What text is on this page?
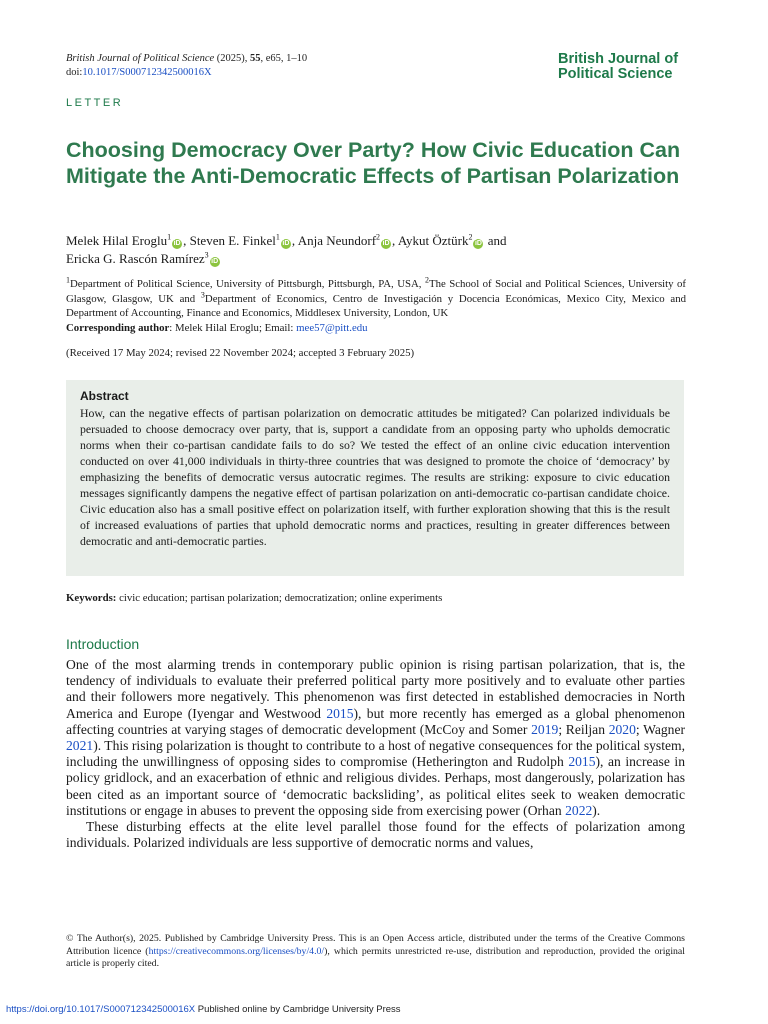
British Journal of Political Science (2025), 55, e65, 1–10
doi:10.1017/S000712342500016X
British Journal of
Political Science
LETTER
Choosing Democracy Over Party? How Civic Education Can Mitigate the Anti-Democratic Effects of Partisan Polarization
Melek Hilal Eroglu$^1$iD , Steven E. Finkel$^1$iD , Anja Neundorf$^2$iD , Aykut Öztürk$^2$iD and
Ericka G. Rascón Ramírez$^3$iD
$^1$Department of Political Science, University of Pittsburgh, Pittsburgh, PA, USA, $^2$The School of Social and Political Sciences, University of Glasgow, Glasgow, UK and $^3$Department of Economics, Centro de Investigación y Docencia Económicas, Mexico City, Mexico and Department of Accounting, Finance and Economics, Middlesex University, London, UK
Corresponding author: Melek Hilal Eroglu; Email: mee57@pitt.edu
(Received 17 May 2024; revised 22 November 2024; accepted 3 February 2025)
Abstract
How, can the negative effects of partisan polarization on democratic attitudes be mitigated? Can polarized individuals be persuaded to choose democracy over party, that is, support a candidate from an opposing party who upholds democratic norms when their co-partisan candidate fails to do so? We tested the effect of an online civic education intervention conducted on over 41,000 individuals in thirty-three countries that was designed to promote the choice of ‘democracy’ by emphasizing the benefits of democratic versus autocratic regimes. The results are striking: exposure to civic education messages significantly dampens the negative effect of partisan polarization on anti-democratic co-partisan candidate choice. Civic education also has a small positive effect on polarization itself, with further exploration showing that this is the result of increased evaluations of parties that uphold democratic norms and practices, resulting in greater differences between democratic and anti-democratic parties.
Keywords: civic education; partisan polarization; democratization; online experiments
Introduction

One of the most alarming trends in contemporary public opinion is rising partisan polarization, that is, the tendency of individuals to evaluate their preferred political party more positively and to evaluate other parties and their followers more negatively. This phenomenon was first detected in established democracies in North America and Europe (Iyengar and Westwood 2015), but more recently has emerged as a global phenomenon affecting countries at varying stages of democratic development (McCoy and Somer 2019; Reiljan 2020; Wagner 2021). This rising polarization is thought to contribute to a host of negative consequences for the political system, including the unwillingness of opposing sides to compromise (Hetherington and Rudolph 2015), an increase in policy gridlock, and an exacerbation of ethnic and religious divides. Perhaps, most dangerously, polarization has been cited as an important source of ‘democratic backsliding’, as political elites seek to weaken democratic institutions or engage in abuses to prevent the opposing side from exercising power (Orhan 2022).

These disturbing effects at the elite level parallel those found for the effects of polarization among individuals. Polarized individuals are less supportive of democratic norms and values,

© The Author(s), 2025. Published by Cambridge University Press. This is an Open Access article, distributed under the terms of the Creative Commons Attribution licence (https://creativecommons.org/licenses/by/4.0/), which permits unrestricted re-use, distribution and reproduction, provided the original article is properly cited.
https://doi.org/10.1017/S000712342500016X Published online by Cambridge University Press
